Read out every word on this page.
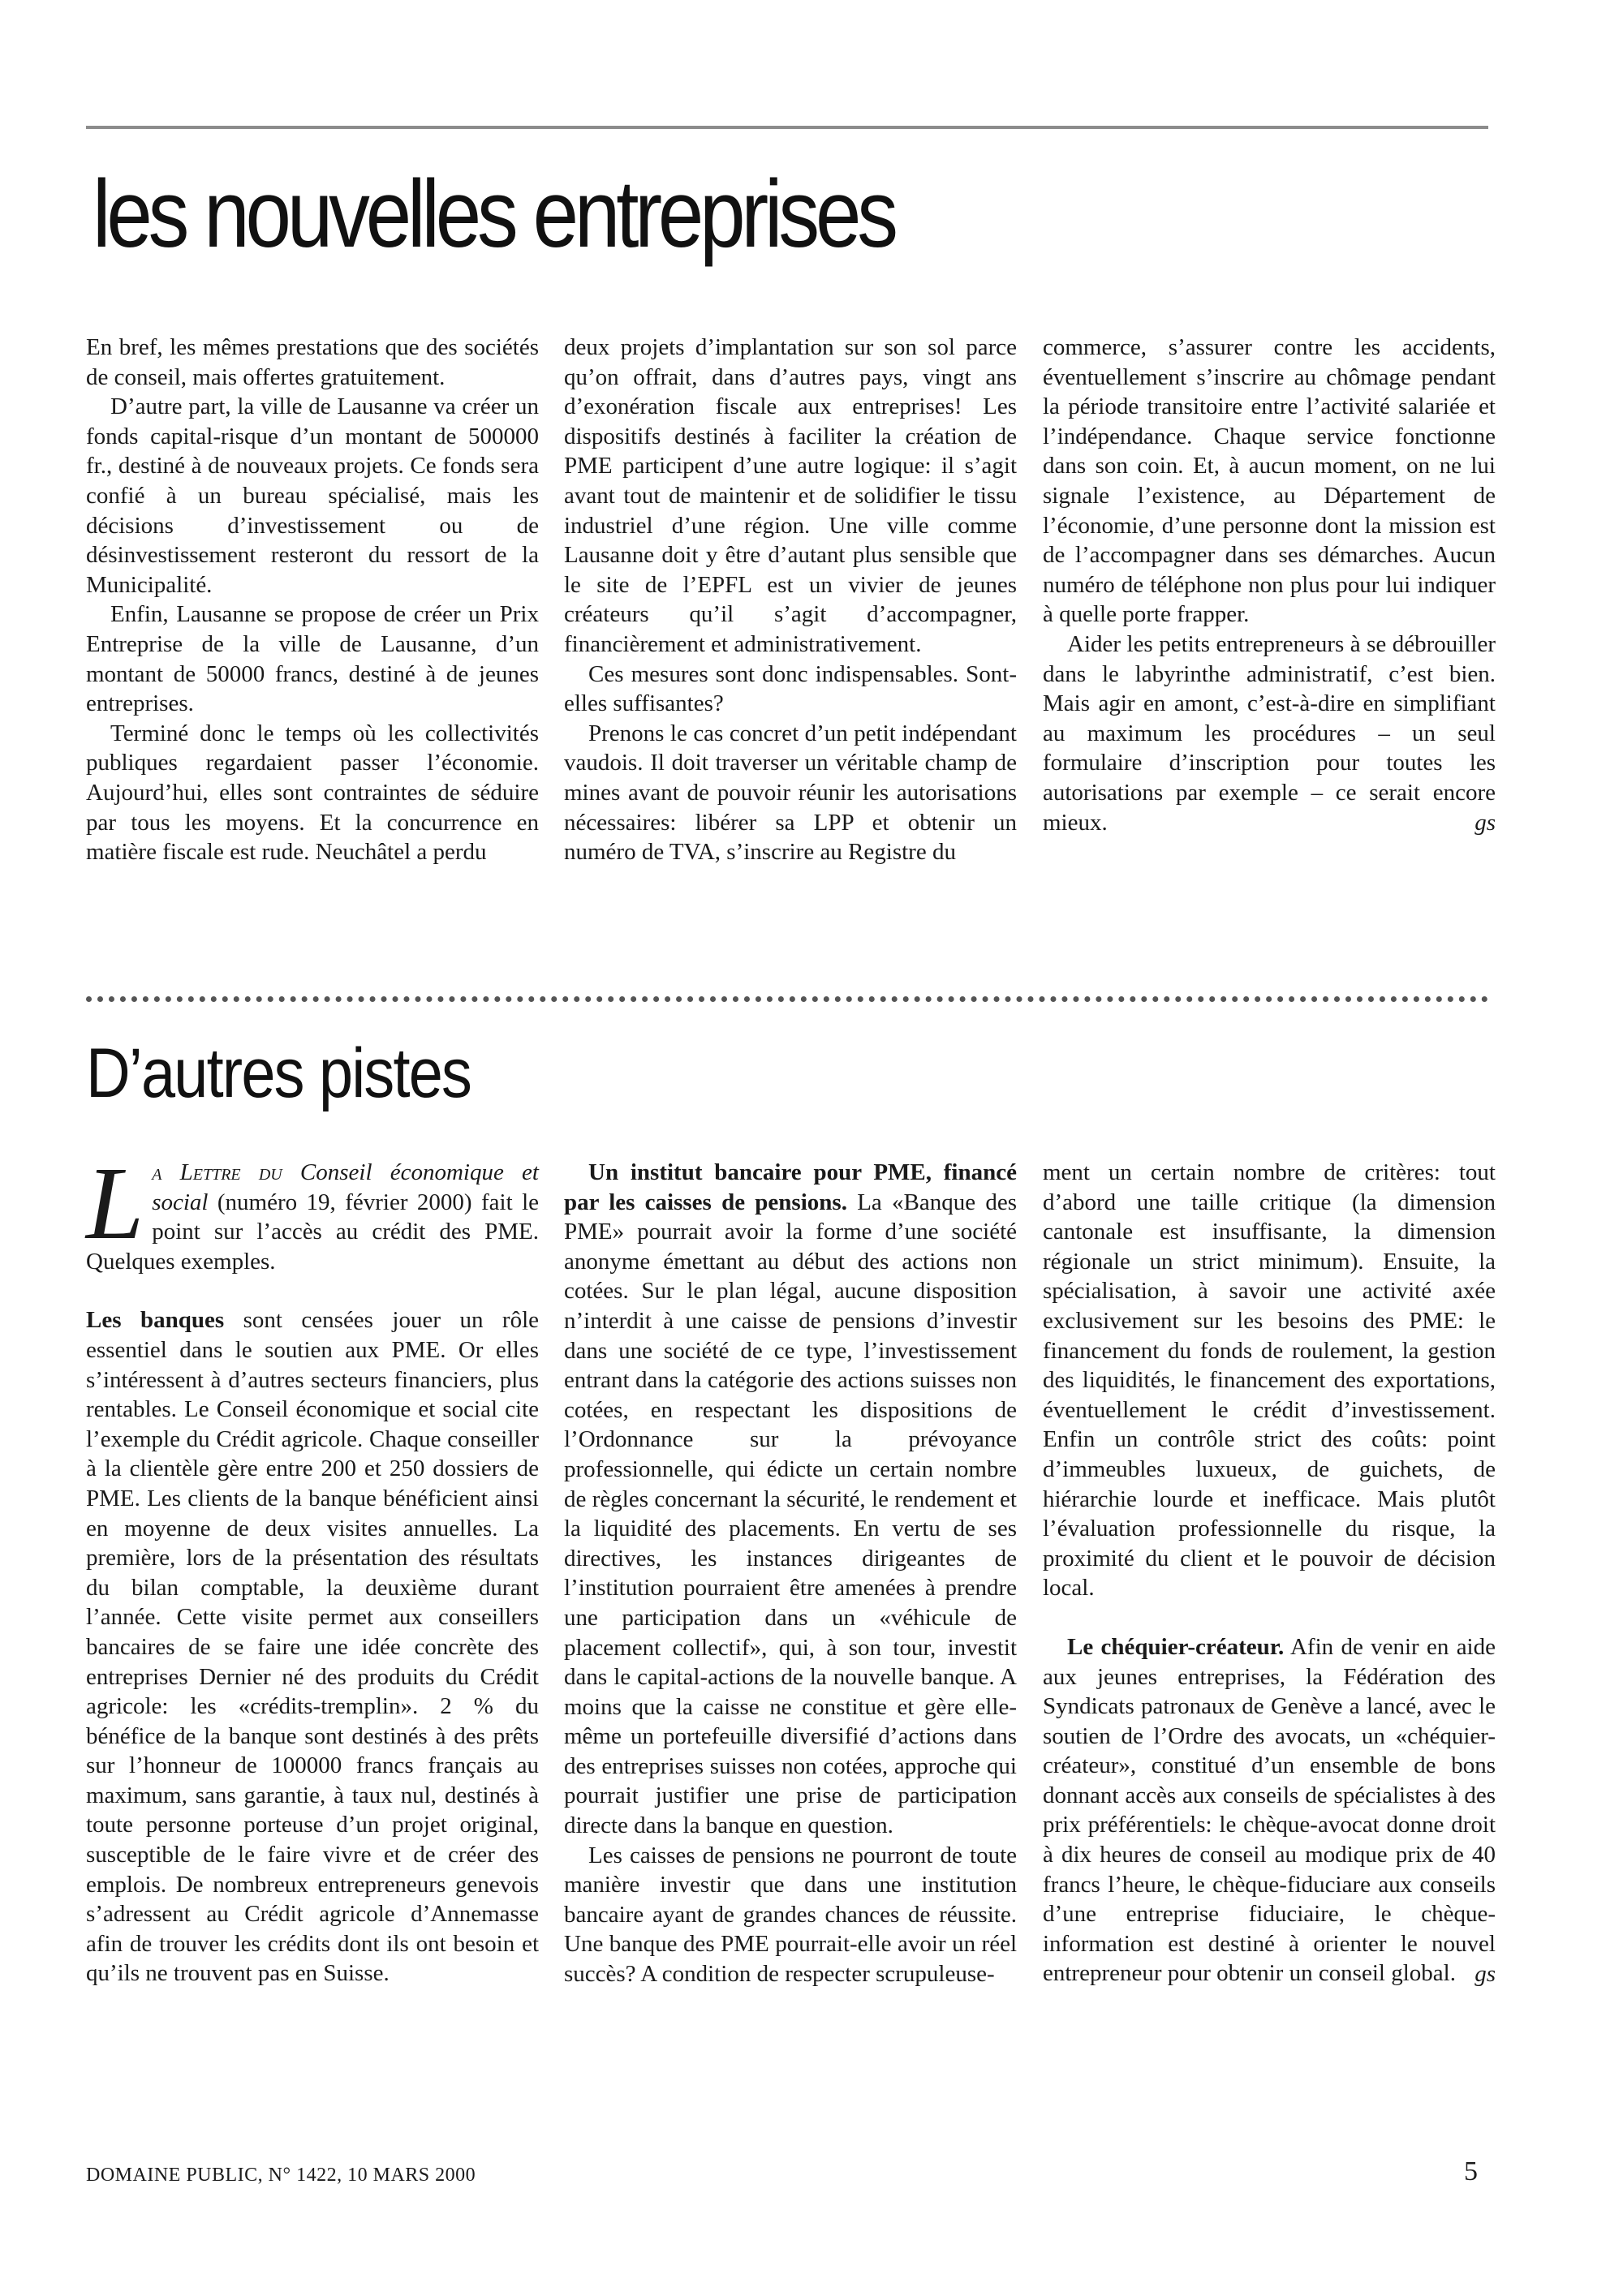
les nouvelles entreprises

En bref, les mêmes prestations que des sociétés de conseil, mais offertes gratuitement.

D’autre part, la ville de Lausanne va créer un fonds capital-risque d’un montant de 500000 fr., destiné à de nouveaux projets. Ce fonds sera confié à un bureau spécialisé, mais les décisions d’investissement ou de désinvestissement resteront du ressort de la Municipalité.

Enfin, Lausanne se propose de créer un Prix Entreprise de la ville de Lausanne, d’un montant de 50000 francs, destiné à de jeunes entreprises.

Terminé donc le temps où les collectivités publiques regardaient passer l’économie. Aujourd’hui, elles sont contraintes de séduire par tous les moyens. Et la concurrence en matière fiscale est rude. Neuchâtel a perdu

deux projets d’implantation sur son sol parce qu’on offrait, dans d’autres pays, vingt ans d’exonération fiscale aux entreprises! Les dispositifs destinés à faciliter la création de PME participent d’une autre logique: il s’agit avant tout de maintenir et de solidifier le tissu industriel d’une région. Une ville comme Lausanne doit y être d’autant plus sensible que le site de l’EPFL est un vivier de jeunes créateurs qu’il s’agit d’accompagner, financièrement et administrativement.

Ces mesures sont donc indispensables. Sont-elles suffisantes?

Prenons le cas concret d’un petit indépendant vaudois. Il doit traverser un véritable champ de mines avant de pouvoir réunir les autorisations nécessaires: libérer sa LPP et obtenir un numéro de TVA, s’inscrire au Registre du

commerce, s’assurer contre les accidents, éventuellement s’inscrire au chômage pendant la période transitoire entre l’activité salariée et l’indépendance. Chaque service fonctionne dans son coin. Et, à aucun moment, on ne lui signale l’existence, au Département de l’économie, d’une personne dont la mission est de l’accompagner dans ses démarches. Aucun numéro de téléphone non plus pour lui indiquer à quelle porte frapper.

Aider les petits entrepreneurs à se débrouiller dans le labyrinthe administratif, c’est bien. Mais agir en amont, c’est-à-dire en simplifiant au maximum les procédures – un seul formulaire d’inscription pour toutes les autorisations par exemple – ce serait encore mieux.	gs
D’autres pistes

L a Lettre du Conseil économique et social (numéro 19, février 2000) fait le point sur l’accès au crédit des PME. Quelques exemples.

Les banques sont censées jouer un rôle essentiel dans le soutien aux PME. Or elles s’intéressent à d’autres secteurs financiers, plus rentables. Le Conseil économique et social cite l’exemple du Crédit agricole. Chaque conseiller à la clientèle gère entre 200 et 250 dossiers de PME. Les clients de la banque bénéficient ainsi en moyenne de deux visites annuelles. La première, lors de la présentation des résultats du bilan comptable, la deuxième durant l’année. Cette visite permet aux conseillers bancaires de se faire une idée concrète des entreprises Dernier né des produits du Crédit agricole: les «crédits-tremplin». 2 % du bénéfice de la banque sont destinés à des prêts sur l’honneur de 100000 francs français au maximum, sans garantie, à taux nul, destinés à toute personne porteuse d’un projet original, susceptible de le faire vivre et de créer des emplois. De nombreux entrepreneurs genevois s’adressent au Crédit agricole d’Annemasse afin de trouver les crédits dont ils ont besoin et qu’ils ne trouvent pas en Suisse.

Un institut bancaire pour PME, financé par les caisses de pensions. La «Banque des PME» pourrait avoir la forme d’une société anonyme émettant au début des actions non cotées. Sur le plan légal, aucune disposition n’interdit à une caisse de pensions d’investir dans une société de ce type, l’investissement entrant dans la catégorie des actions suisses non cotées, en respectant les dispositions de l’Ordonnance sur la prévoyance professionnelle, qui édicte un certain nombre de règles concernant la sécurité, le rendement et la liquidité des placements. En vertu de ses directives, les instances dirigeantes de l’institution pourraient être amenées à prendre une participation dans un «véhicule de placement collectif», qui, à son tour, investit dans le capital-actions de la nouvelle banque. A moins que la caisse ne constitue et gère elle-même un portefeuille diversifié d’actions dans des entreprises suisses non cotées, approche qui pourrait justifier une prise de participation directe dans la banque en question.

Les caisses de pensions ne pourront de toute manière investir que dans une institution bancaire ayant de grandes chances de réussite. Une banque des PME pourrait-elle avoir un réel succès? A condition de respecter scrupuleuse-

ment un certain nombre de critères: tout d’abord une taille critique (la dimension cantonale est insuffisante, la dimension régionale un strict minimum). Ensuite, la spécialisation, à savoir une activité axée exclusivement sur les besoins des PME: le financement du fonds de roulement, la gestion des liquidités, le financement des exportations, éventuellement le crédit d’investissement. Enfin un contrôle strict des coûts: point d’immeubles luxueux, de guichets, de hiérarchie lourde et inefficace. Mais plutôt l’évaluation professionnelle du risque, la proximité du client et le pouvoir de décision local.

Le chéquier-créateur. Afin de venir en aide aux jeunes entreprises, la Fédération des Syndicats patronaux de Genève a lancé, avec le soutien de l’Ordre des avocats, un «chéquier-créateur», constitué d’un ensemble de bons donnant accès aux conseils de spécialistes à des prix préférentiels: le chèque-avocat donne droit à dix heures de conseil au modique prix de 40 francs l’heure, le chèque-fiduciare aux conseils d’une entreprise fiduciaire, le chèque-information est destiné à orienter le nouvel entrepreneur pour obtenir un conseil global. gs
DOMAINE PUBLIC, N° 1422, 10 MARS 2000	5
